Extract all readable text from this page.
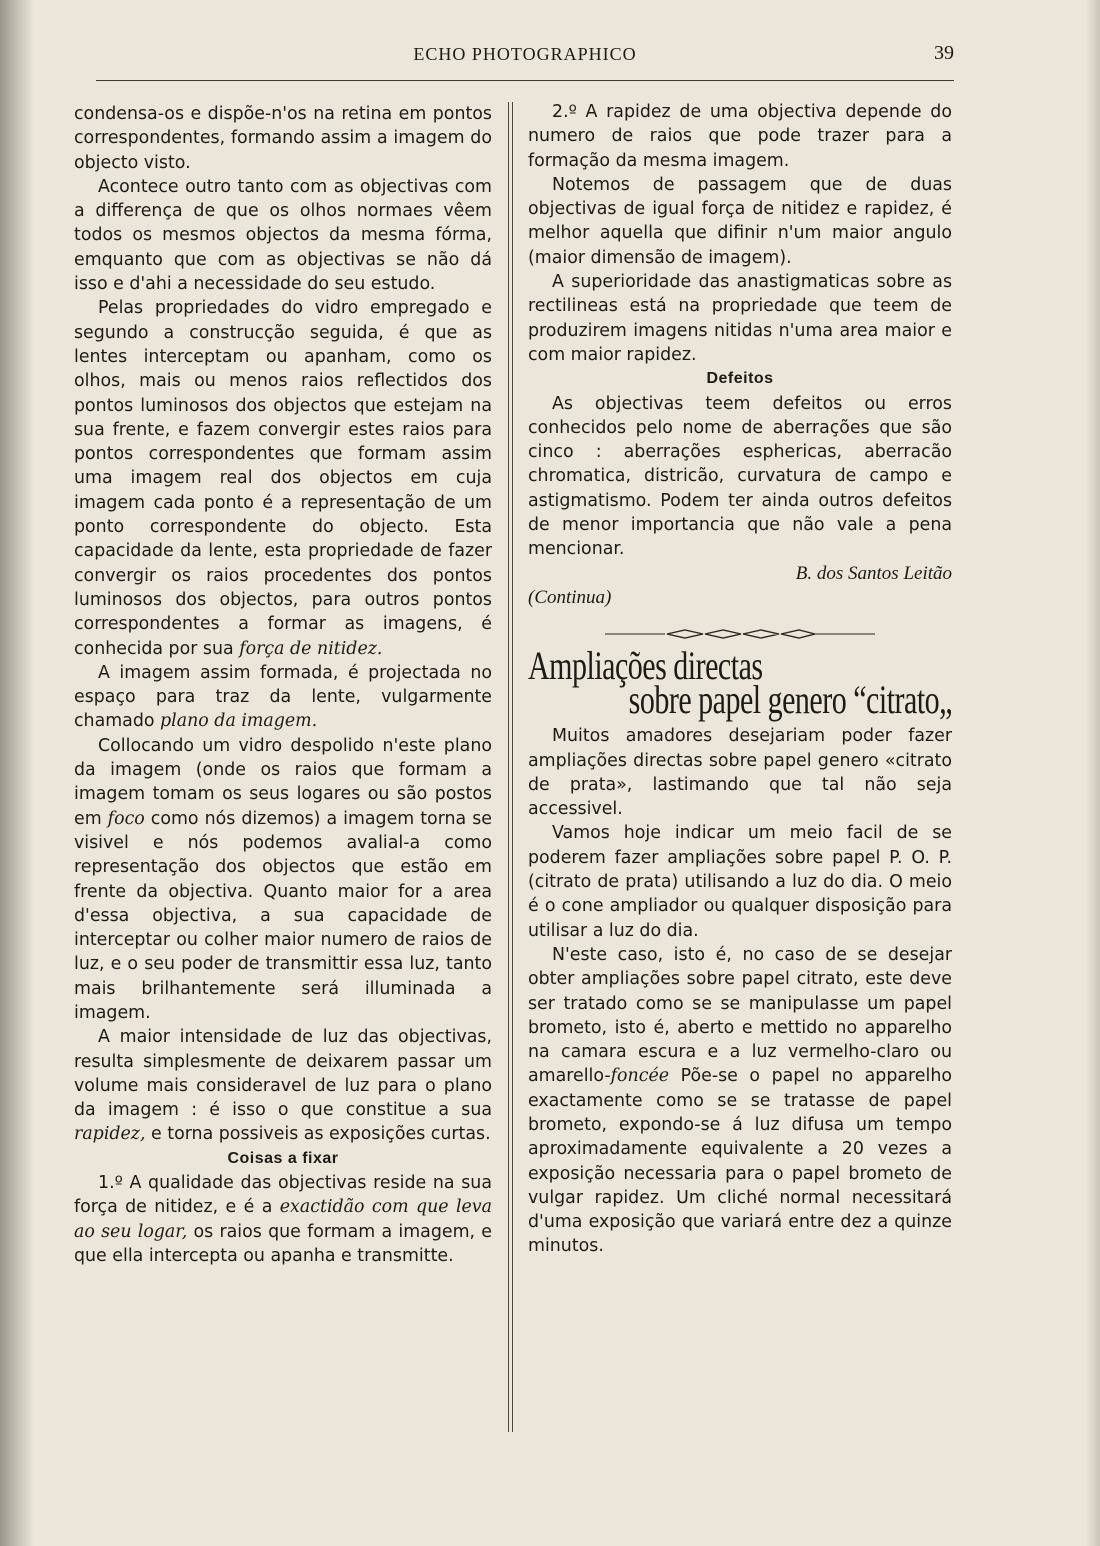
ECHO PHOTOGRAPHICO	39

condensa-os e dispõe-n'os na retina em pontos correspondentes, formando assim a imagem do objecto visto.

Acontece outro tanto com as objectivas com a differença de que os olhos normaes vêem todos os mesmos objectos da mesma fórma, emquanto que com as objectivas se não dá isso e d'ahi a necessidade do seu estudo.

Pelas propriedades do vidro empregado e segundo a construcção seguida, é que as lentes interceptam ou apanham, como os olhos, mais ou menos raios reflectidos dos pontos luminosos dos objectos que estejam na sua frente, e fazem convergir estes raios para pontos correspondentes que formam assim uma imagem real dos objectos em cuja imagem cada ponto é a representação de um ponto correspondente do objecto. Esta capacidade da lente, esta propriedade de fazer convergir os raios procedentes dos pontos luminosos dos objectos, para outros pontos correspondentes a formar as imagens, é conhecida por sua força de nitidez.

A imagem assim formada, é projectada no espaço para traz da lente, vulgarmente chamado plano da imagem.

Collocando um vidro despolido n'este plano da imagem (onde os raios que formam a imagem tomam os seus logares ou são postos em foco como nós dizemos) a imagem torna se visivel e nós podemos avalial-a como representação dos objectos que estão em frente da objectiva. Quanto maior for a area d'essa objectiva, a sua capacidade de interceptar ou colher maior numero de raios de luz, e o seu poder de transmittir essa luz, tanto mais brilhantemente será illuminada a imagem.

A maior intensidade de luz das objectivas, resulta simplesmente de deixarem passar um volume mais consideravel de luz para o plano da imagem : é isso o que constitue a sua rapidez, e torna possiveis as exposições curtas.

Coisas a fixar

1.º A qualidade das objectivas reside na sua força de nitidez, e é a exactidão com que leva ao seu logar, os raios que formam a imagem, e que ella intercepta ou apanha e transmitte.

2.º A rapidez de uma objectiva depende do numero de raios que pode trazer para a formação da mesma imagem.

Notemos de passagem que de duas objectivas de igual força de nitidez e rapidez, é melhor aquella que difinir n'um maior angulo (maior dimensão de imagem).

A superioridade das anastigmaticas sobre as rectilineas está na propriedade que teem de produzirem imagens nitidas n'uma area maior e com maior rapidez.

Defeitos

As objectivas teem defeitos ou erros conhecidos pelo nome de aberrações que são cinco : aberrações esphericas, aberracão chromatica, districão, curvatura de campo e astigmatismo. Podem ter ainda outros defeitos de menor importancia que não vale a pena mencionar.

B. dos Santos Leitão

(Continua)

Ampliações directas

sobre papel genero “citrato„

Muitos amadores desejariam poder fazer ampliações directas sobre papel genero «citrato de prata», lastimando que tal não seja accessivel.

Vamos hoje indicar um meio facil de se poderem fazer ampliações sobre papel P. O. P. (citrato de prata) utilisando a luz do dia. O meio é o cone ampliador ou qualquer disposição para utilisar a luz do dia.

N'este caso, isto é, no caso de se desejar obter ampliações sobre papel citrato, este deve ser tratado como se se manipulasse um papel brometo, isto é, aberto e mettido no apparelho na camara escura e a luz vermelho-claro ou amarello-foncée Põe-se o papel no apparelho exactamente como se se tratasse de papel brometo, expondo-se á luz difusa um tempo aproximadamente equivalente a 20 vezes a exposição necessaria para o papel brometo de vulgar rapidez. Um cliché normal necessitará d'uma exposição que variará entre dez a quinze minutos.
